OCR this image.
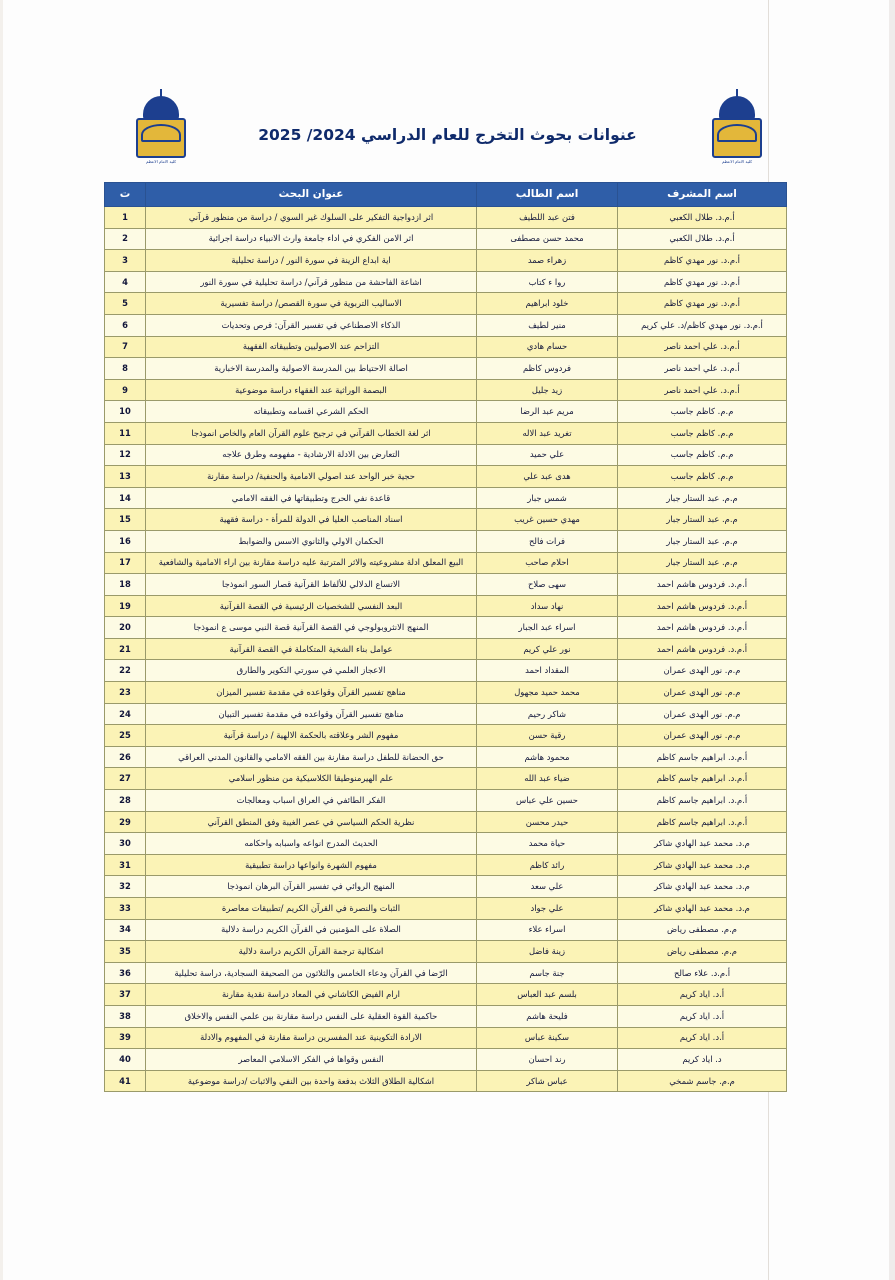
كلية الامام الاعظم
عنوانات بحوث التخرج للعام الدراسي 2024/ 2025
كلية الامام الاعظم
اسم المشرف	اسم الطالب	عنوان البحث	ت
أ.م.د. طلال الكعبي	فتن عبد اللطيف	اثر ازدواجية التفكير على السلوك غير السوي / دراسة من منظور قرآني	1
أ.م.د. طلال الكعبي	محمد حسن مصطفى	اثر الامن الفكري في اداء جامعة وارث الانبياء دراسة اجرائية	2
أ.م.د. نور مهدي كاظم	زهراء صمد	اية ابداع الزينة في سورة النور / دراسة تحليلية	3
أ.م.د. نور مهدي كاظم	روا ء كتاب	اشاعة الفاحشة من منظور قرآني/ دراسة تحليلية في سورة النور	4
أ.م.د. نور مهدي كاظم	خلود ابراهيم	الاساليب التربوية في سورة القصص/ دراسة تفسيرية	5
أ.م.د. نور مهدي كاظم/د. علي كريم	منير لطيف	الذكاء الاصطناعي في تفسير القرآن: فرص وتحديات	6
أ.م.د. علي احمد ناصر	حسام هادي	التزاحم عند الاصوليين وتطبيقاته الفقهية	7
أ.م.د. علي احمد ناصر	فردوس كاظم	اصالة الاحتياط بين المدرسة الاصولية والمدرسة الاخبارية	8
أ.م.د. علي احمد ناصر	زيد جليل	البصمة الوراثية عند الفقهاء دراسة موضوعية	9
م.م. كاظم جاسب	مريم عبد الرضا	الحكم الشرعي اقسامه وتطبيقاته	10
م.م. كاظم جاسب	تغريد عبد الاله	اثر لغة الخطاب القرآني في ترجيح علوم القرآن العام والخاص انموذجا	11
م.م. كاظم جاسب	علي حميد	التعارض بين الادلة الارشادية - مفهومه وطرق علاجه	12
م.م. كاظم جاسب	هدى عبد علي	حجية خبر الواحد عند اصولي الامامية والحنفية/ دراسة مقارنة	13
م.م. عبد الستار جبار	شمس جبار	قاعدة نفي الحرج وتطبيقاتها في الفقه الامامي	14
م.م. عبد الستار جبار	مهدي حسين غريب	اسناد المناصب العليا في الدولة للمرأة - دراسة فقهية	15
م.م. عبد الستار جبار	فرات فالح	الحكمان الاولي والثانوي الاسس والضوابط	16
م.م. عبد الستار جبار	احلام صاحب	البيع المعلق ادلة مشروعيته والاثر المترتبة عليه دراسة مقارنة بين اراء الامامية والشافعية	17
أ.م.د. فردوس هاشم احمد	سهى صلاح	الاتساع الدلالي للألفاظ القرآنية قصار السور انموذجا	18
أ.م.د. فردوس هاشم احمد	نهاد سداد	البعد النفسي للشخصيات الرئيسية في القصة القرآنية	19
أ.م.د. فردوس هاشم احمد	اسراء عبد الجبار	المنهج الانثروبولوجي في القصة القرآنية قصة النبي موسى ع انموذجا	20
أ.م.د. فردوس هاشم احمد	نور علي كريم	عوامل بناء الشخية المتكاملة في القصة القرآنية	21
م.م. نور الهدى عمران	المقداد احمد	الاعجاز العلمي في سورتي التكوير والطارق	22
م.م. نور الهدى عمران	محمد حميد مجهول	مناهج تفسير القرآن وقواعده في مقدمة تفسير الميزان	23
م.م. نور الهدى عمران	شاكر رحيم	مناهج تفسير القرآن وقواعده في مقدمة تفسير التبيان	24
م.م. نور الهدى عمران	رقية حسن	مفهوم الشر وعلاقته بالحكمة الالهية / دراسة قرآنية	25
أ.م.د. ابراهيم جاسم كاظم	محمود هاشم	حق الحضانة للطفل دراسة مقارنة بين الفقه الامامي والقانون المدني العراقي	26
أ.م.د. ابراهيم جاسم كاظم	ضياء عبد الله	علم الهيرمنوطيقا الكلاسيكية من منظور اسلامي	27
أ.م.د. ابراهيم جاسم كاظم	حسين علي عباس	الفكر الطائفي في العراق اسباب ومعالجات	28
أ.م.د. ابراهيم جاسم كاظم	حيدر محسن	نظرية الحكم السياسي في عصر الغيبة وفق المنطق القرآني	29
م.د. محمد عبد الهادي شاكر	حياة محمد	الحديث المدرج انواعه واسبابه واحكامه	30
م.د. محمد عبد الهادي شاكر	رائد كاظم	مفهوم الشهرة وانواعها دراسة تطبيقية	31
م.د. محمد عبد الهادي شاكر	علي سعد	المنهج الروائي في تفسير القرآن البرهان انموذجا	32
م.د. محمد عبد الهادي شاكر	علي جواد	الثبات والنصرة في القرآن الكريم /تطبيقات معاصرة	33
م.م. مصطفى رياض	اسراء علاء	الصلاة على المؤمنين في القرآن الكريم دراسة دلالية	34
م.م. مصطفى رياض	زينة فاضل	اشكالية ترجمة القرآن الكريم دراسة دلالية	35
أ.م.د. علاء صالح	جنة جاسم	الرّضا في القرآن ودعاء الخامس والثلاثون من الصحيفة السجادية، دراسة تحليلية	36
أ.د. اياد كريم	بلسم عبد العباس	ارام الفيض الكاشاني في المعاد دراسة نقدية مقارنة	37
أ.د. اياد كريم	فليحة هاشم	حاكمية القوة العقلية على النفس دراسة مقارنة بين علمي النفس والاخلاق	38
أ.د. اياد كريم	سكينة عباس	الارادة التكوينية عند المفسرين دراسة مقارنة في المفهوم والادلة	39
د. اياد كريم	رند احسان	النفس وقواها في الفكر الاسلامي المعاصر	40
م.م. جاسم شمخي	عباس شاكر	اشكالية الطلاق الثلاث بدفعة واحدة بين النفي والاثبات /دراسة موضوعية	41
